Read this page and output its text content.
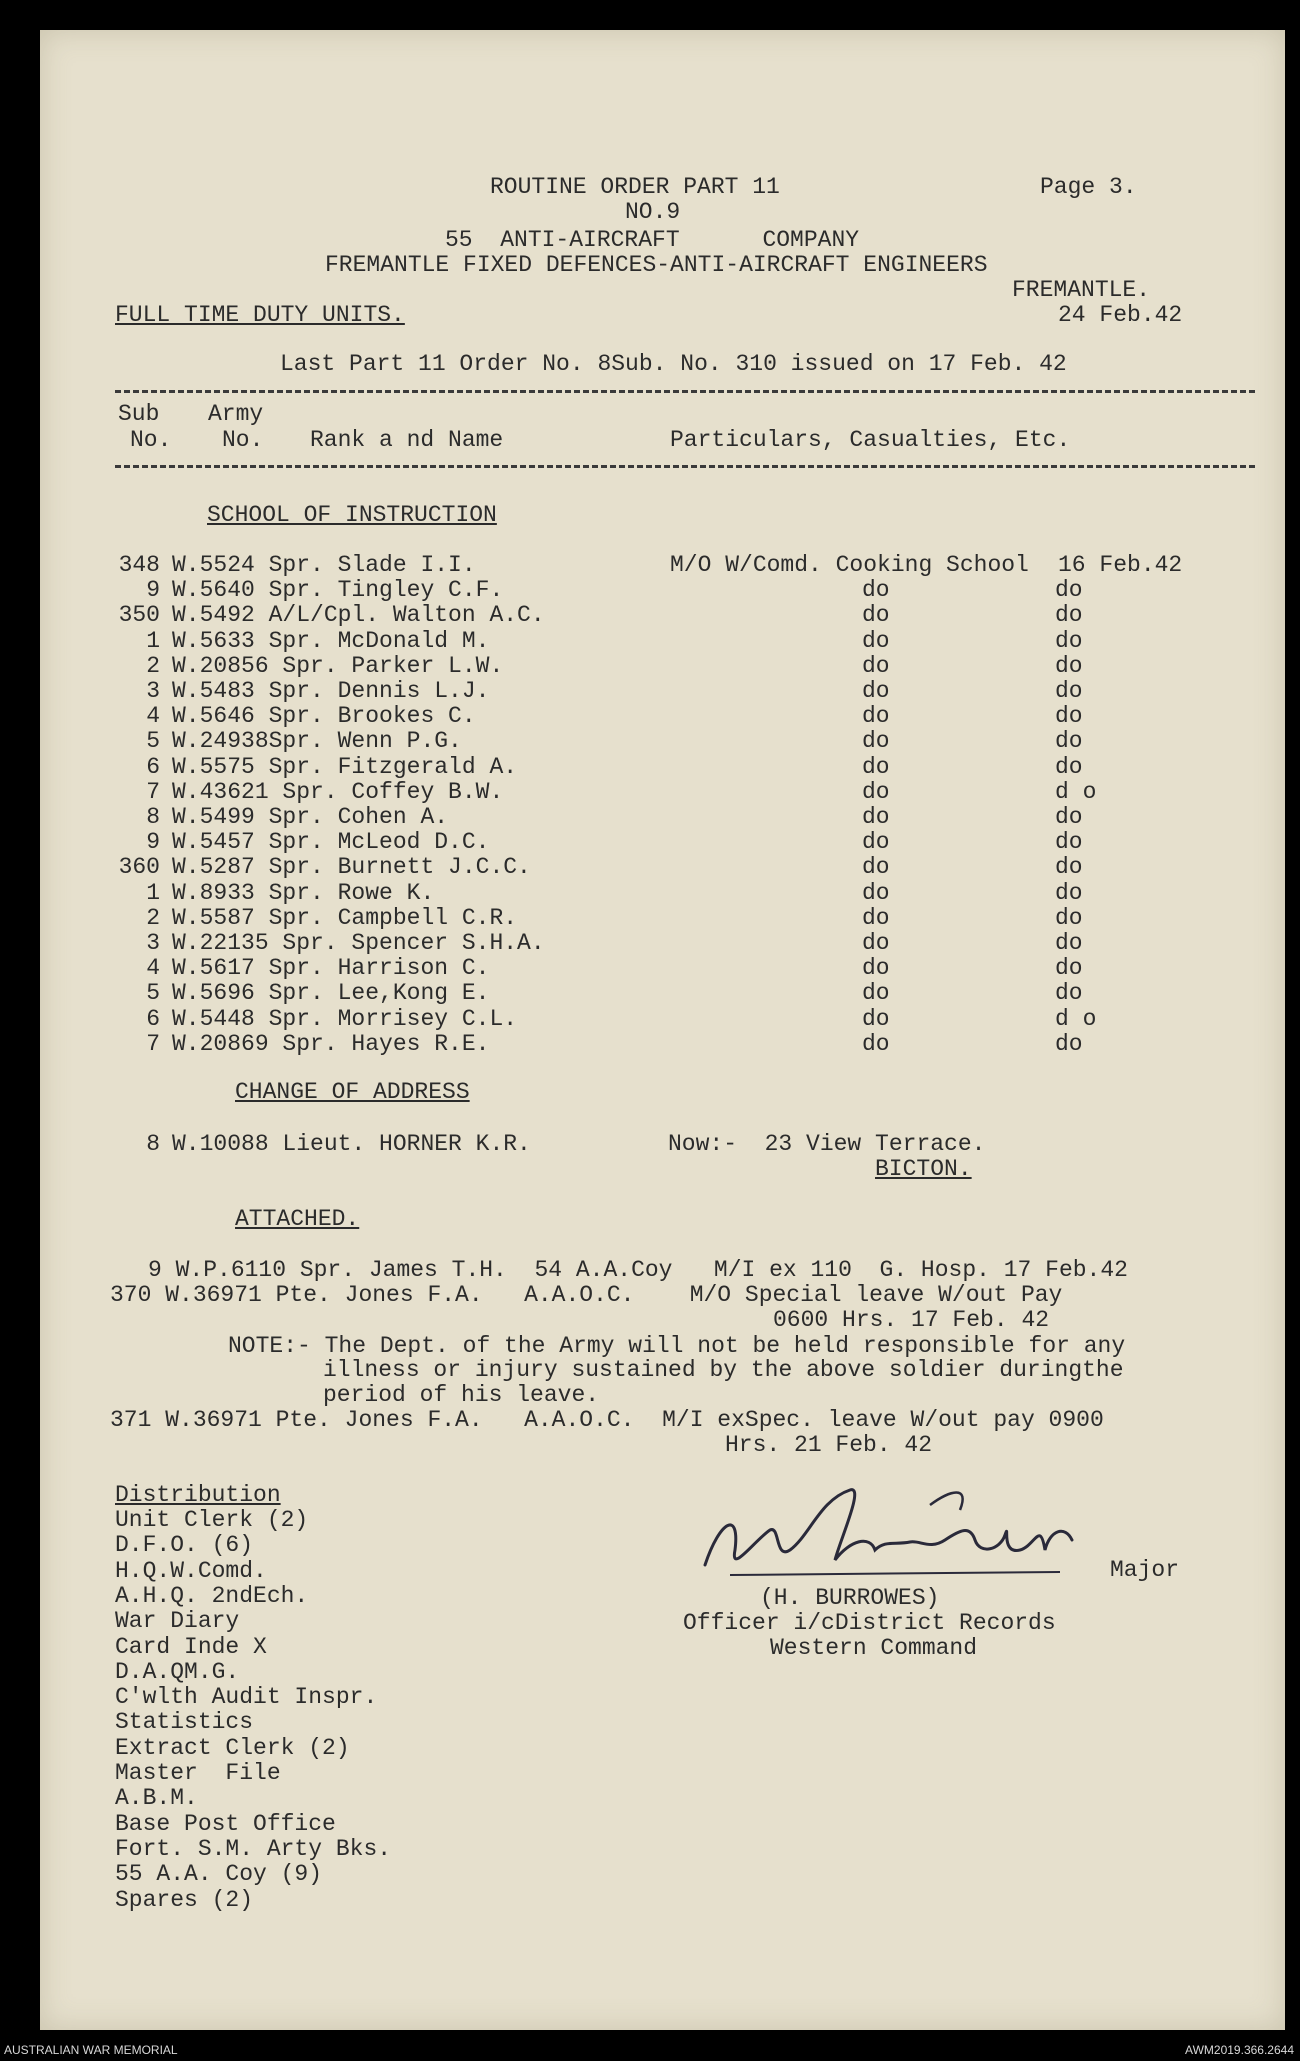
ROUTINE ORDER PART 11	Page 3.
NO.9
55  ANTI-AIRCRAFT      COMPANY
FREMANTLE FIXED DEFENCES-ANTI-AIRCRAFT ENGINEERS
FREMANTLE.
FULL TIME DUTY UNITS.	24 Feb.42
Last Part 11 Order No. 8Sub. No. 310 issued on 17 Feb. 42
Sub
No.
Army
No. Rank a nd Name	Particulars, Casualties, Etc.
SCHOOL OF INSTRUCTION
348 W.5524 Spr. Slade I.I.	M/O W/Comd. Cooking School 16 Feb.42
9 W.5640 Spr. Tingley C.F.	do	do
350 W.5492 A/L/Cpl. Walton A.C.	do	do
1 W.5633 Spr. McDonald M.	do	do
2 W.20856 Spr. Parker L.W.	do	do
3 W.5483 Spr. Dennis L.J.	do	do
4 W.5646 Spr. Brookes C.	do	do
5 W.24938Spr. Wenn P.G.	do	do
6 W.5575 Spr. Fitzgerald A.	do	do
7 W.43621 Spr. Coffey B.W.	do	d o
8 W.5499 Spr. Cohen A.	do	do
9 W.5457 Spr. McLeod D.C.	do	do
360 W.5287 Spr. Burnett J.C.C.	do	do
1 W.8933 Spr. Rowe K.	do	do
2 W.5587 Spr. Campbell C.R.	do	do
3 W.22135 Spr. Spencer S.H.A.	do	do
4 W.5617 Spr. Harrison C.	do	do
5 W.5696 Spr. Lee,Kong E.	do	do
6 W.5448 Spr. Morrisey C.L.	do	d o
7 W.20869 Spr. Hayes R.E.	do	do
CHANGE OF ADDRESS
8 W.10088 Lieut. HORNER K.R.	Now:-  23 View Terrace.
BICTON.
ATTACHED.
9 W.P.6110 Spr. James T.H.  54 A.A.Coy   M/I ex 110  G. Hosp. 17 Feb.42
370 W.36971 Pte. Jones F.A.   A.A.O.C.    M/O Special leave W/out Pay
0600 Hrs. 17 Feb. 42
NOTE:- The Dept. of the Army will not be held responsible for any
illness or injury sustained by the above soldier duringthe
period of his leave.
371 W.36971 Pte. Jones F.A.   A.A.O.C.  M/I exSpec. leave W/out pay 0900
Hrs. 21 Feb. 42
Distribution
Unit Clerk (2)
D.F.O. (6)
H.Q.W.Comd.
A.H.Q. 2ndEch.
War Diary
Card Inde X
D.A.QM.G.
C'wlth Audit Inspr.
Statistics
Extract Clerk (2)
Master  File
A.B.M.
Base Post Office
Fort. S.M. Arty Bks.
55 A.A. Coy (9)
Spares (2)
Major
(H. BURROWES)
Officer i/cDistrict Records
Western Command
AUSTRALIAN WAR MEMORIAL	AWM2019.366.2644
